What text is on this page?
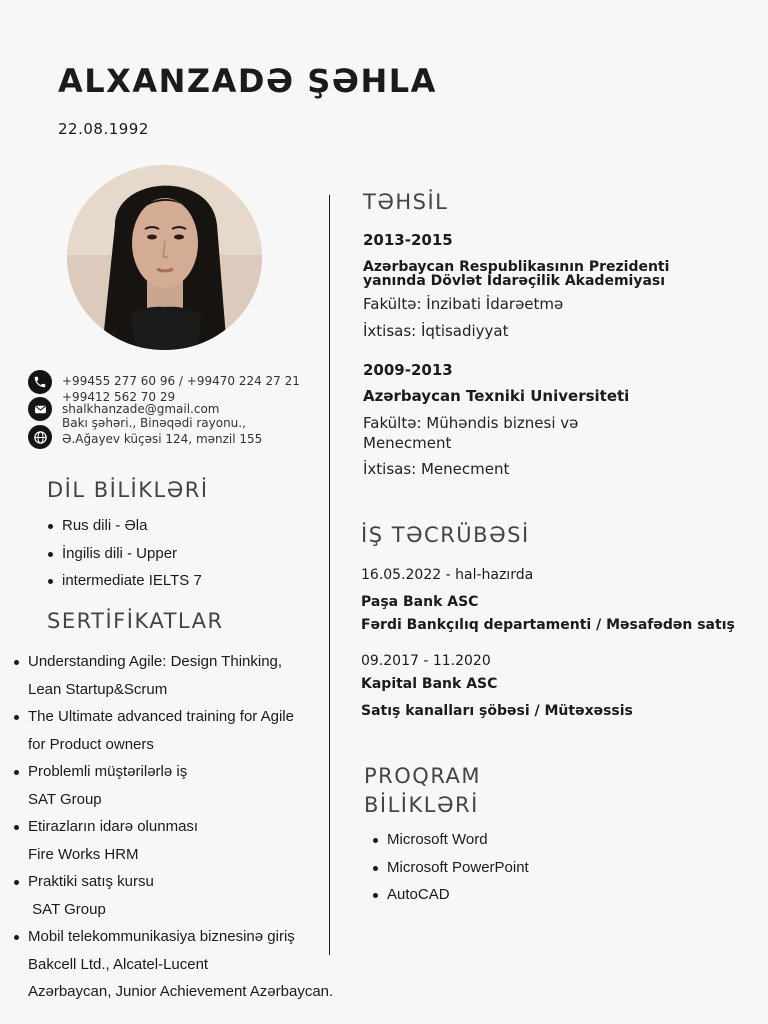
ALXANZADƏ ŞƏHLA
22.08.1992
+99455 277 60 96 / +99470 224 27 21
+99412 562 70 29
shalkhanzade@gmail.com
Bakı şəhəri., Binəqədi rayonu.,
Ə.Ağayev küçəsi 124, mənzil 155
DİL BİLİKLƏRİ
Rus dili - Əla
İngilis dili - Upper
intermediate IELTS 7
SERTİFİKATLAR
Understanding Agile: Design Thinking,
Lean Startup&Scrum
The Ultimate advanced training for Agile
for Product owners
Problemli müştərilərlə iş
SAT Group
Etirazların idarə olunması
Fire Works HRM
Praktiki satış kursu
SAT Group
Mobil telekommunikasiya biznesinə giriş
Bakcell Ltd., Alcatel-Lucent
Azərbaycan, Junior Achievement Azərbaycan.
TƏHSİL
2013-2015
Azərbaycan Respublikasının Prezidenti
yanında Dövlət İdarəçilik Akademiyası
Fakültə: İnzibati İdarəetmə
İxtisas: İqtisadiyyat
2009-2013
Azərbaycan Texniki Universiteti
Fakültə: Mühəndis biznesi və
Menecment
İxtisas: Menecment
İŞ TƏCRÜBƏSİ
16.05.2022 - hal-hazırda
Paşa Bank ASC
Fərdi Bankçılıq departamenti / Məsafədən satış
09.2017 - 11.2020
Kapital Bank ASC
Satış kanalları şöbəsi / Mütəxəssis
PROQRAM
BİLİKLƏRİ
Microsoft Word
Microsoft PowerPoint
AutoCAD
